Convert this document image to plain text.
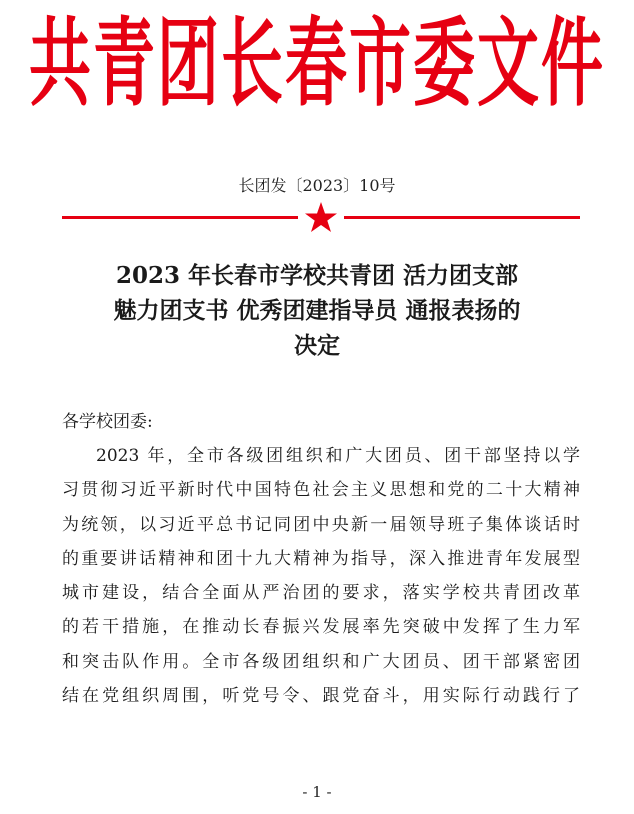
共青团长春市委文件
长团发〔2023〕10号
2023 年长春市学校共青团 活力团支部
魅力团支书 优秀团建指导员 通报表扬的
决定
各学校团委:
2023 年，全市各级团组织和广大团员、团干部坚持以学
习贯彻习近平新时代中国特色社会主义思想和党的二十大精神
为统领，以习近平总书记同团中央新一届领导班子集体谈话时
的重要讲话精神和团十九大精神为指导，深入推进青年发展型
城市建设，结合全面从严治团的要求，落实学校共青团改革
的若干措施，在推动长春振兴发展率先突破中发挥了生力军
和突击队作用。全市各级团组织和广大团员、团干部紧密团
结在党组织周围，听党号令、跟党奋斗，用实际行动践行了
- 1 -
